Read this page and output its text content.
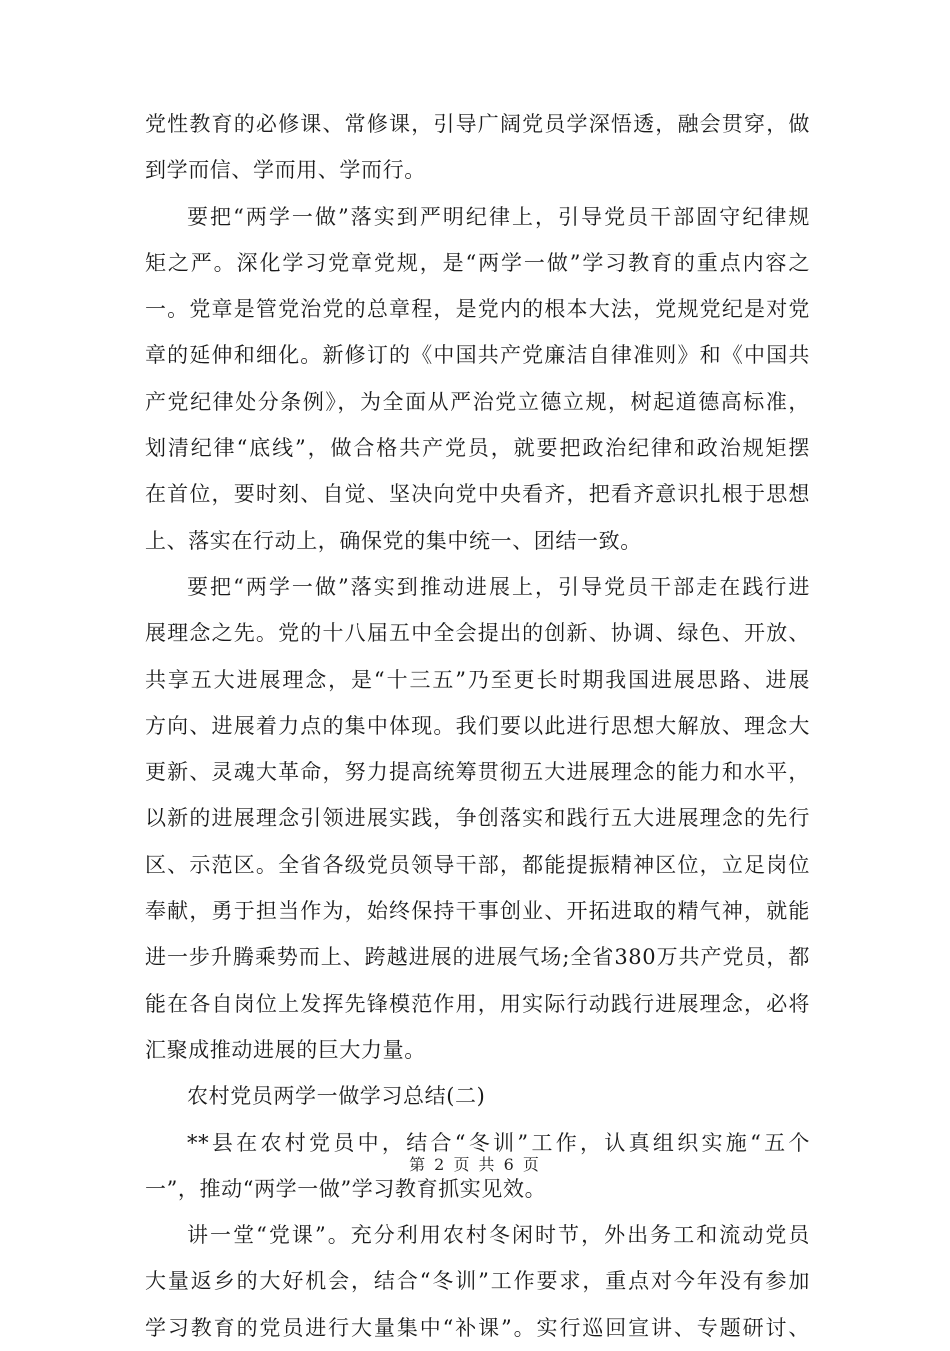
党性教育的必修课、常修课，引导广阔党员学深悟透，融会贯穿，做
到学而信、学而用、学而行。
要把“两学一做”落实到严明纪律上，引导党员干部固守纪律规
矩之严。深化学习党章党规，是“两学一做”学习教育的重点内容之
一。党章是管党治党的总章程，是党内的根本大法，党规党纪是对党
章的延伸和细化。新修订的《中国共产党廉洁自律准则》和《中国共
产党纪律处分条例》，为全面从严治党立德立规，树起道德高标准，
划清纪律“底线”，做合格共产党员，就要把政治纪律和政治规矩摆
在首位，要时刻、自觉、坚决向党中央看齐，把看齐意识扎根于思想
上、落实在行动上，确保党的集中统一、团结一致。
要把“两学一做”落实到推动进展上，引导党员干部走在践行进
展理念之先。党的十八届五中全会提出的创新、协调、绿色、开放、
共享五大进展理念，是“十三五”乃至更长时期我国进展思路、进展
方向、进展着力点的集中体现。我们要以此进行思想大解放、理念大
更新、灵魂大革命，努力提高统筹贯彻五大进展理念的能力和水平，
以新的进展理念引领进展实践，争创落实和践行五大进展理念的先行
区、示范区。全省各级党员领导干部，都能提振精神区位，立足岗位
奉献，勇于担当作为，始终保持干事创业、开拓进取的精气神，就能
进一步升腾乘势而上、跨越进展的进展气场;全省380万共产党员，都
能在各自岗位上发挥先锋模范作用，用实际行动践行进展理念，必将
汇聚成推动进展的巨大力量。
农村党员两学一做学习总结(二)
**县在农村党员中，结合“冬训”工作，认真组织实施“五个
一”，推动“两学一做”学习教育抓实见效。
讲一堂“党课”。充分利用农村冬闲时节，外出务工和流动党员
大量返乡的大好机会，结合“冬训”工作要求，重点对今年没有参加
学习教育的党员进行大量集中“补课”。实行巡回宣讲、专题研讨、
第 2 页 共 6 页
